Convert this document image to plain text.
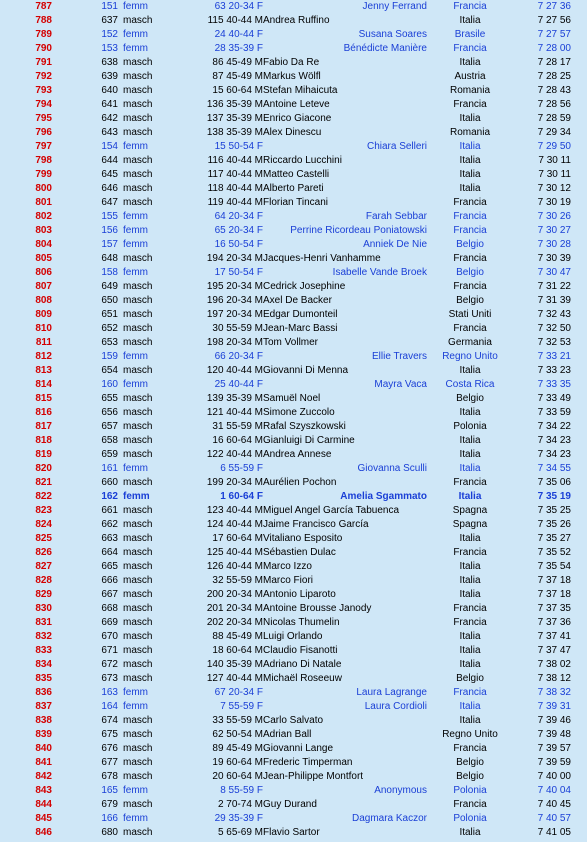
787	151 femm	63 20-34 F	Jenny Ferrand	Francia	7 27 36
788	637 masch	115 40-44 M Andrea Ruffino	Italia	7 27 56
789	152 femm	24 40-44 F	Susana Soares	Brasile	7 27 57
790	153 femm	28 35-39 F	Bénédicte Manière	Francia	7 28 00
791	638 masch	86 45-49 M Fabio Da Re	Italia	7 28 17
792	639 masch	87 45-49 M Markus Wölfl	Austria	7 28 25
793	640 masch	15 60-64 M Stefan Mihaicuta	Romania	7 28 43
794	641 masch	136 35-39 M Antoine Leteve	Francia	7 28 56
795	642 masch	137 35-39 M Enrico Giacone	Italia	7 28 59
796	643 masch	138 35-39 M Alex Dinescu	Romania	7 29 34
797	154 femm	15 50-54 F	Chiara Selleri	Italia	7 29 50
798	644 masch	116 40-44 M Riccardo Lucchini	Italia	7 30 11
799	645 masch	117 40-44 M Matteo Castelli	Italia	7 30 11
800	646 masch	118 40-44 M Alberto Pareti	Italia	7 30 12
801	647 masch	119 40-44 M Florian Tincani	Francia	7 30 19
802	155 femm	64 20-34 F	Farah Sebbar	Francia	7 30 26
803	156 femm	65 20-34 F	Perrine Ricordeau Poniatowski	Francia	7 30 27
804	157 femm	16 50-54 F	Anniek De Nie	Belgio	7 30 28
805	648 masch	194 20-34 M Jacques-Henri Vanhamme	Francia	7 30 39
806	158 femm	17 50-54 F	Isabelle Vande Broek	Belgio	7 30 47
807	649 masch	195 20-34 M Cedrick Josephine	Francia	7 31 22
808	650 masch	196 20-34 M Axel De Backer	Belgio	7 31 39
809	651 masch	197 20-34 M Edgar Dumonteil	Stati Uniti	7 32 43
810	652 masch	30 55-59 M Jean-Marc Bassi	Francia	7 32 50
811	653 masch	198 20-34 M Tom Vollmer	Germania	7 32 53
812	159 femm	66 20-34 F	Ellie Travers	Regno Unito	7 33 21
813	654 masch	120 40-44 M Giovanni Di Menna	Italia	7 33 23
814	160 femm	25 40-44 F	Mayra Vaca	Costa Rica	7 33 35
815	655 masch	139 35-39 M Samuël Noel	Belgio	7 33 49
816	656 masch	121 40-44 M Simone Zuccolo	Italia	7 33 59
817	657 masch	31 55-59 M Rafal Szyszkowski	Polonia	7 34 22
818	658 masch	16 60-64 M Gianluigi Di Carmine	Italia	7 34 23
819	659 masch	122 40-44 M Andrea Annese	Italia	7 34 23
820	161 femm	6 55-59 F	Giovanna Sculli	Italia	7 34 55
821	660 masch	199 20-34 M Aurélien Pochon	Francia	7 35 06
822	162 femm	1 60-64 F	Amelia Sgammato	Italia	7 35 19
823	661 masch	123 40-44 M Miguel Angel García Tabuenca	Spagna	7 35 25
824	662 masch	124 40-44 M Jaime Francisco García	Spagna	7 35 26
825	663 masch	17 60-64 M Vitaliano Esposito	Italia	7 35 27
826	664 masch	125 40-44 M Sébastien Dulac	Francia	7 35 52
827	665 masch	126 40-44 M Marco Izzo	Italia	7 35 54
828	666 masch	32 55-59 M Marco Fiori	Italia	7 37 18
829	667 masch	200 20-34 M Antonio Liparoto	Italia	7 37 18
830	668 masch	201 20-34 M Antoine Brousse Janody	Francia	7 37 35
831	669 masch	202 20-34 M Nicolas Thumelin	Francia	7 37 36
832	670 masch	88 45-49 M Luigi Orlando	Italia	7 37 41
833	671 masch	18 60-64 M Claudio Fisanotti	Italia	7 37 47
834	672 masch	140 35-39 M Adriano Di Natale	Italia	7 38 02
835	673 masch	127 40-44 M Michaël Roseeuw	Belgio	7 38 12
836	163 femm	67 20-34 F	Laura Lagrange	Francia	7 38 32
837	164 femm	7 55-59 F	Laura Cordioli	Italia	7 39 31
838	674 masch	33 55-59 M Carlo Salvato	Italia	7 39 46
839	675 masch	62 50-54 M Adrian Ball	Regno Unito	7 39 48
840	676 masch	89 45-49 M Giovanni Lange	Francia	7 39 57
841	677 masch	19 60-64 M Frederic Timperman	Belgio	7 39 59
842	678 masch	20 60-64 M Jean-Philippe Montfort	Belgio	7 40 00
843	165 femm	8 55-59 F	Anonymous	Polonia	7 40 04
844	679 masch	2 70-74 M Guy Durand	Francia	7 40 45
845	166 femm	29 35-39 F	Dagmara Kaczor	Polonia	7 40 57
846	680 masch	5 65-69 M Flavio Sartor	Italia	7 41 05
